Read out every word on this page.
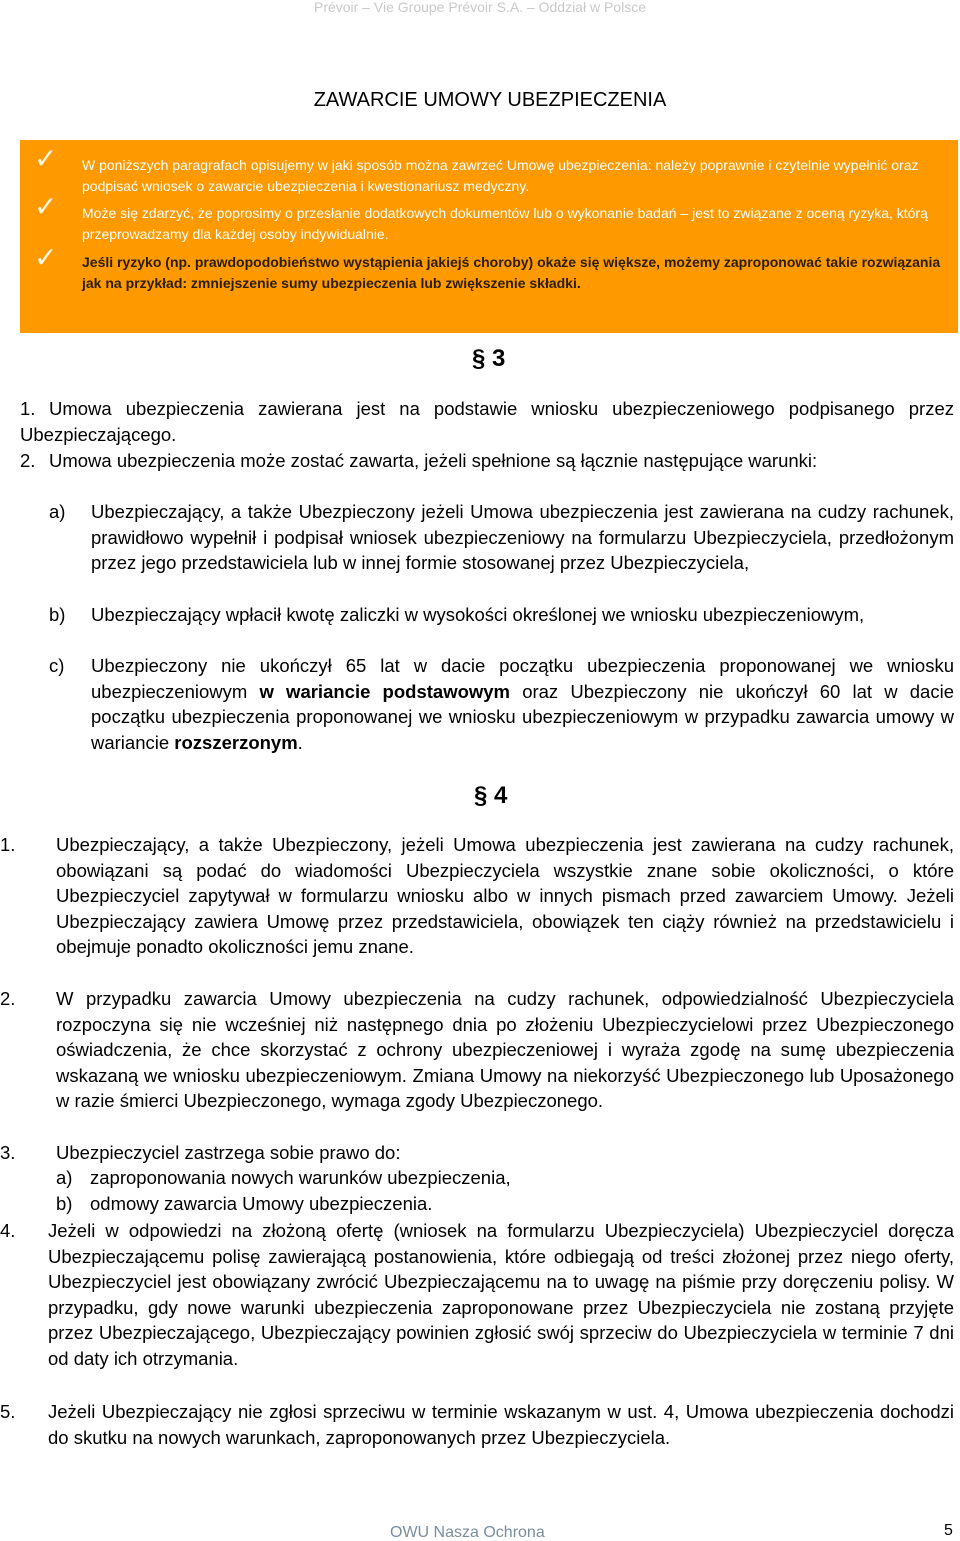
Prévoir – Vie Groupe Prévoir S.A. – Oddział w Polsce
ZAWARCIE UMOWY UBEZPIECZENIA
✓
✓
✓
W poniższych paragrafach opisujemy w jaki sposób można zawrzeć Umowę ubezpieczenia: należy poprawnie i czytelnie wypełnić oraz podpisać wniosek o zawarcie ubezpieczenia i kwestionariusz medyczny.
Może się zdarzyć, że poprosimy o przesłanie dodatkowych dokumentów lub o wykonanie badań – jest to związane z oceną ryzyka, którą przeprowadzamy dla każdej osoby indywidualnie.
Jeśli ryzyko (np. prawdopodobieństwo wystąpienia jakiejś choroby) okaże się większe, możemy zaproponować takie rozwiązania jak na przykład: zmniejszenie sumy ubezpieczenia lub zwiększenie składki.
§ 3
1. Umowa ubezpieczenia zawierana jest na podstawie wniosku ubezpieczeniowego podpisanego przez Ubezpieczającego.
2. Umowa ubezpieczenia może zostać zawarta, jeżeli spełnione są łącznie następujące warunki:
a) Ubezpieczający, a także Ubezpieczony jeżeli Umowa ubezpieczenia jest zawierana na cudzy rachunek, prawidłowo wypełnił i podpisał wniosek ubezpieczeniowy na formularzu Ubezpieczyciela, przedłożonym przez jego przedstawiciela lub w innej formie stosowanej przez Ubezpieczyciela,
b) Ubezpieczający wpłacił kwotę zaliczki w wysokości określonej we wniosku ubezpieczeniowym,
c) Ubezpieczony nie ukończył 65 lat w dacie początku ubezpieczenia proponowanej we wniosku ubezpieczeniowym w wariancie podstawowym oraz Ubezpieczony nie ukończył 60 lat w dacie początku ubezpieczenia proponowanej we wniosku ubezpieczeniowym w przypadku zawarcia umowy w wariancie rozszerzonym.
§ 4
1. Ubezpieczający, a także Ubezpieczony, jeżeli Umowa ubezpieczenia jest zawierana na cudzy rachunek, obowiązani są podać do wiadomości Ubezpieczyciela wszystkie znane sobie okoliczności, o które Ubezpieczyciel zapytywał w formularzu wniosku albo w innych pismach przed zawarciem Umowy. Jeżeli Ubezpieczający zawiera Umowę przez przedstawiciela, obowiązek ten ciąży również na przedstawicielu i obejmuje ponadto okoliczności jemu znane.
2. W przypadku zawarcia Umowy ubezpieczenia na cudzy rachunek, odpowiedzialność Ubezpieczyciela rozpoczyna się nie wcześniej niż następnego dnia po złożeniu Ubezpieczycielowi przez Ubezpieczonego oświadczenia, że chce skorzystać z ochrony ubezpieczeniowej i wyraża zgodę na sumę ubezpieczenia wskazaną we wniosku ubezpieczeniowym. Zmiana Umowy na niekorzyść Ubezpieczonego lub Uposażonego w razie śmierci Ubezpieczonego, wymaga zgody Ubezpieczonego.
3. Ubezpieczyciel zastrzega sobie prawo do:
a) zaproponowania nowych warunków ubezpieczenia,
b) odmowy zawarcia Umowy ubezpieczenia.
4. Jeżeli w odpowiedzi na złożoną ofertę (wniosek na formularzu Ubezpieczyciela) Ubezpieczyciel doręcza Ubezpieczającemu polisę zawierającą postanowienia, które odbiegają od treści złożonej przez niego oferty, Ubezpieczyciel jest obowiązany zwrócić Ubezpieczającemu na to uwagę na piśmie przy doręczeniu polisy. W przypadku, gdy nowe warunki ubezpieczenia zaproponowane przez Ubezpieczyciela nie zostaną przyjęte przez Ubezpieczającego, Ubezpieczający powinien zgłosić swój sprzeciw do Ubezpieczyciela w terminie 7 dni od daty ich otrzymania.
5. Jeżeli Ubezpieczający nie zgłosi sprzeciwu w terminie wskazanym w ust. 4, Umowa ubezpieczenia dochodzi do skutku na nowych warunkach, zaproponowanych przez Ubezpieczyciela.
OWU Nasza Ochrona	5
